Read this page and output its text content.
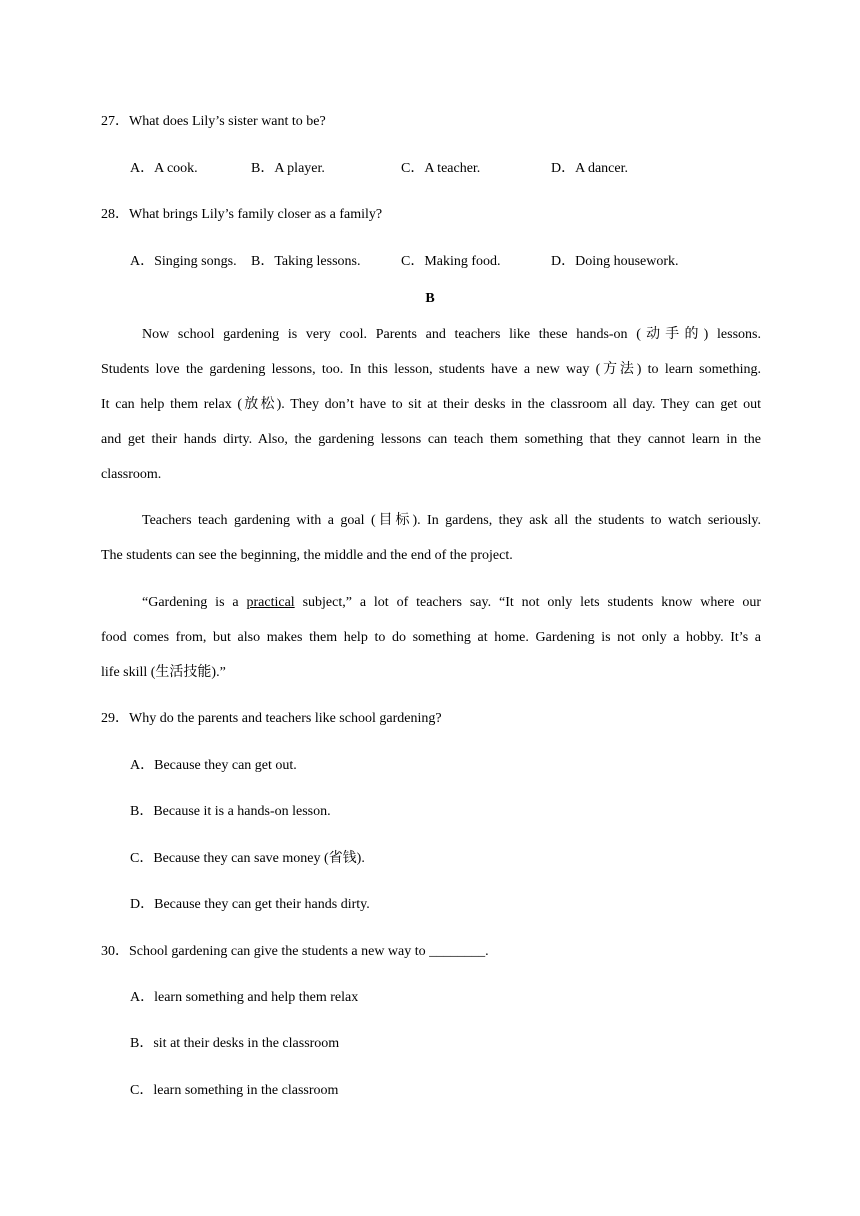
27．What does Lily’s sister want to be?
A．A cook.	B．A player.	C．A teacher.	D．A dancer.
28．What brings Lily’s family closer as a family?
A．Singing songs. B．Taking lessons.	C．Making food.	D．Doing housework.
B
Now school gardening is very cool. Parents and teachers like these hands-on (动手的) lessons.
Students love the gardening lessons, too. In this lesson, students have a new way (方法) to learn something.
It can help them relax (放松). They don’t have to sit at their desks in the classroom all day. They can get out
and get their hands dirty. Also, the gardening lessons can teach them something that they cannot learn in the
classroom.
Teachers teach gardening with a goal (目标). In gardens, they ask all the students to watch seriously.
The students can see the beginning, the middle and the end of the project.
“Gardening is a practical subject,” a lot of teachers say. “It not only lets students know where our
food comes from, but also makes them help to do something at home. Gardening is not only a hobby. It’s a
life skill (生活技能).”
29．Why do the parents and teachers like school gardening?
A．Because they can get out.
B．Because it is a hands-on lesson.
C．Because they can save money (省钱).
D．Because they can get their hands dirty.
30．School gardening can give the students a new way to ________.
A．learn something and help them relax
B．sit at their desks in the classroom
C．learn something in the classroom
